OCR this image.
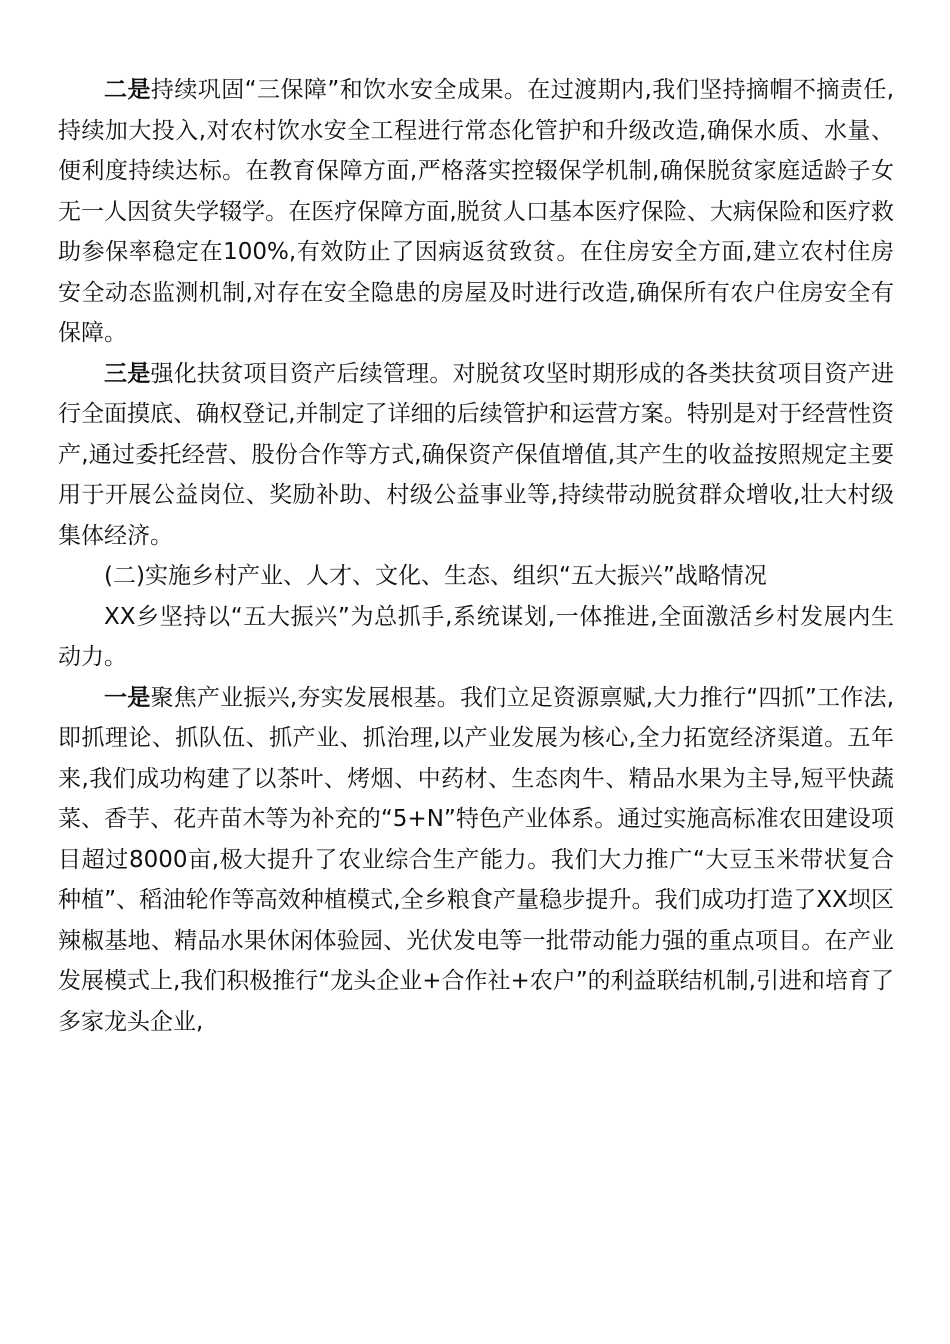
二是持续巩固“三保障”和饮水安全成果。在过渡期内,我们坚持摘帽不摘责任,持续加大投入,对农村饮水安全工程进行常态化管护和升级改造,确保水质、水量、便利度持续达标。在教育保障方面,严格落实控辍保学机制,确保脱贫家庭适龄子女无一人因贫失学辍学。在医疗保障方面,脱贫人口基本医疗保险、大病保险和医疗救助参保率稳定在100%,有效防止了因病返贫致贫。在住房安全方面,建立农村住房安全动态监测机制,对存在安全隐患的房屋及时进行改造,确保所有农户住房安全有保障。

三是强化扶贫项目资产后续管理。对脱贫攻坚时期形成的各类扶贫项目资产进行全面摸底、确权登记,并制定了详细的后续管护和运营方案。特别是对于经营性资产,通过委托经营、股份合作等方式,确保资产保值增值,其产生的收益按照规定主要用于开展公益岗位、奖励补助、村级公益事业等,持续带动脱贫群众增收,壮大村级集体经济。

(二)实施乡村产业、人才、文化、生态、组织“五大振兴”战略情况

XX乡坚持以“五大振兴”为总抓手,系统谋划,一体推进,全面激活乡村发展内生动力。

一是聚焦产业振兴,夯实发展根基。我们立足资源禀赋,大力推行“四抓”工作法,即抓理论、抓队伍、抓产业、抓治理,以产业发展为核心,全力拓宽经济渠道。五年来,我们成功构建了以茶叶、烤烟、中药材、生态肉牛、精品水果为主导,短平快蔬菜、香芋、花卉苗木等为补充的“5+N”特色产业体系。通过实施高标准农田建设项目超过8000亩,极大提升了农业综合生产能力。我们大力推广“大豆玉米带状复合种植”、稻油轮作等高效种植模式,全乡粮食产量稳步提升。我们成功打造了XX坝区辣椒基地、精品水果休闲体验园、光伏发电等一批带动能力强的重点项目。在产业发展模式上,我们积极推行“龙头企业+合作社+农户”的利益联结机制,引进和培育了多家龙头企业,
